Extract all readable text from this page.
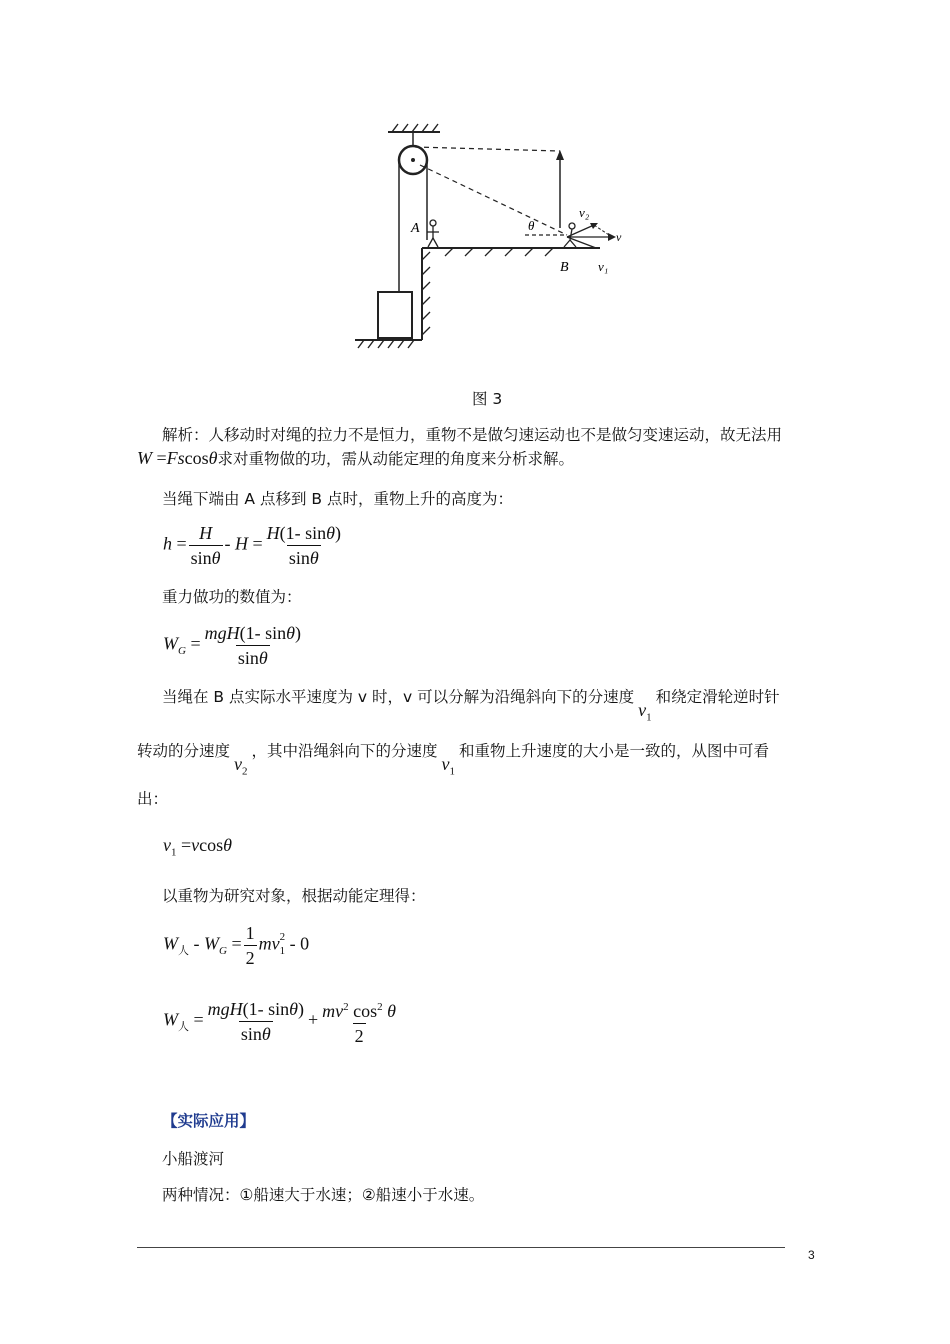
A
B
θ
v
v₂
v₁
图 3
解析：人移动时对绳的拉力不是恒力，重物不是做匀速运动也不是做匀变速运动，故无法用
W =Fscosθ求对重物做的功，需从动能定理的角度来分析求解。
当绳下端由 A 点移到 B 点时，重物上升的高度为：
$h = \frac{H}{\sin\theta} - H = \frac{H(1- \sin\theta)}{\sin\theta}$
重力做功的数值为：
$W_G = \frac{\text{mgH(1- sinθ)}}{\sin\theta}$
当绳在 B 点实际水平速度为 v 时，v 可以分解为沿绳斜向下的分速度$v_1$和绕定滑轮逆时针
转动的分速度$v_2$，其中沿绳斜向下的分速度$v_1$和重物上升速度的大小是一致的，从图中可看
出：
$v_1 =vcos\theta$
以重物为研究对象，根据动能定理得：
$W_人 - W_G = \frac{1}{2}$ mv $_{2 1}$ - 0
$W_人 = \frac{\text{mgH(1- sinθ)}}{\sin\theta} + \frac{mv^2 \cos^2 \theta}{2}$
【实际应用】
小船渡河
两种情况：①船速大于水速；②船速小于水速。
3
